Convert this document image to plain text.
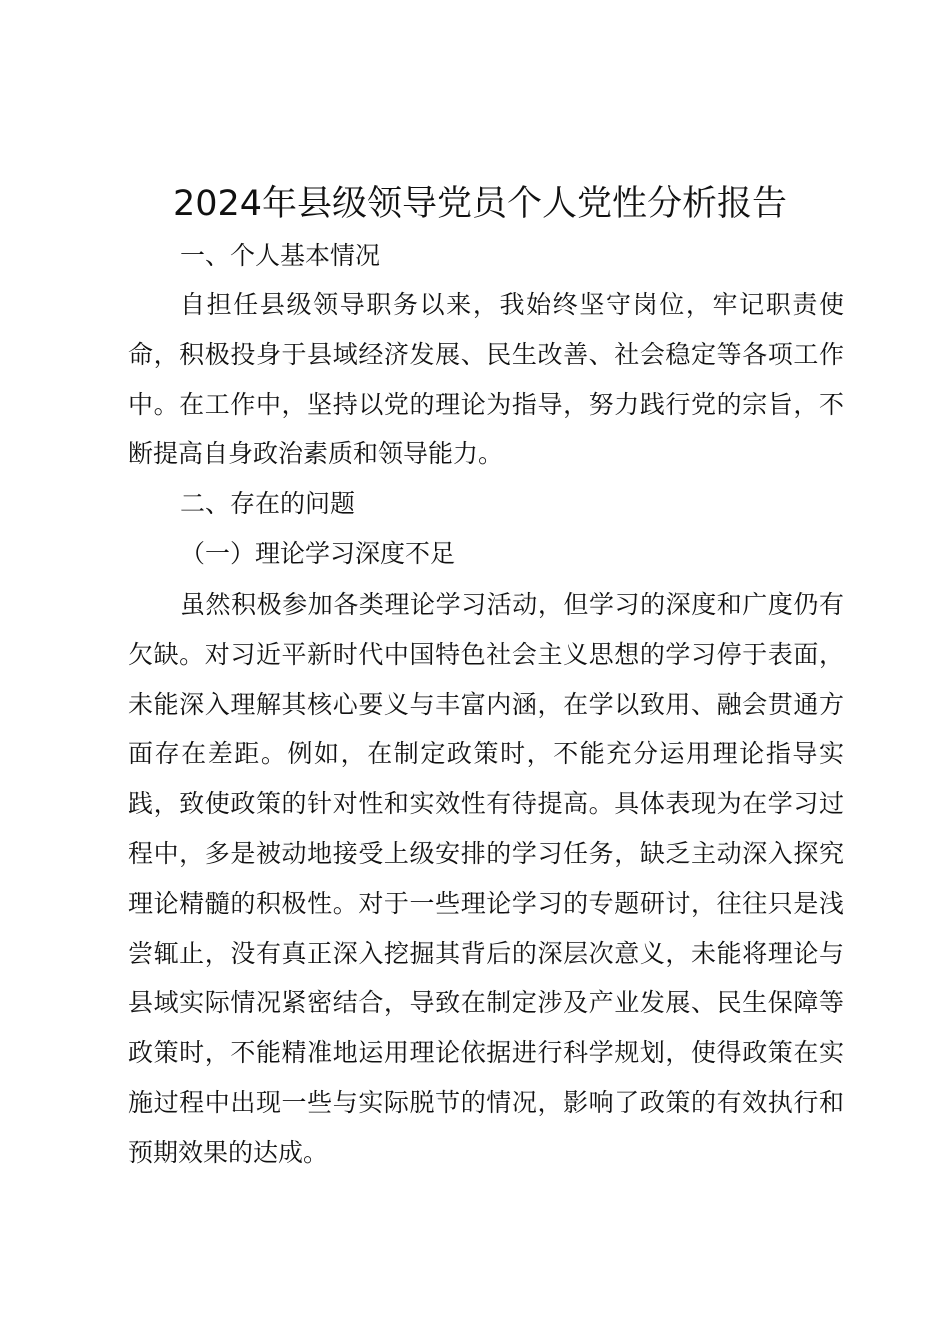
2024年县级领导党员个人党性分析报告
一、个人基本情况

自担任县级领导职务以来，我始终坚守岗位，牢记职责使命，积极投身于县域经济发展、民生改善、社会稳定等各项工作中。在工作中，坚持以党的理论为指导，努力践行党的宗旨，不断提高自身政治素质和领导能力。

二、存在的问题
（一）理论学习深度不足

虽然积极参加各类理论学习活动，但学习的深度和广度仍有欠缺。对习近平新时代中国特色社会主义思想的学习停于表面，未能深入理解其核心要义与丰富内涵，在学以致用、融会贯通方面存在差距。例如，在制定政策时，不能充分运用理论指导实践，致使政策的针对性和实效性有待提高。具体表现为在学习过程中，多是被动地接受上级安排的学习任务，缺乏主动深入探究理论精髓的积极性。对于一些理论学习的专题研讨，往往只是浅尝辄止，没有真正深入挖掘其背后的深层次意义，未能将理论与县域实际情况紧密结合，导致在制定涉及产业发展、民生保障等政策时，不能精准地运用理论依据进行科学规划，使得政策在实施过程中出现一些与实际脱节的情况，影响了政策的有效执行和预期效果的达成。
